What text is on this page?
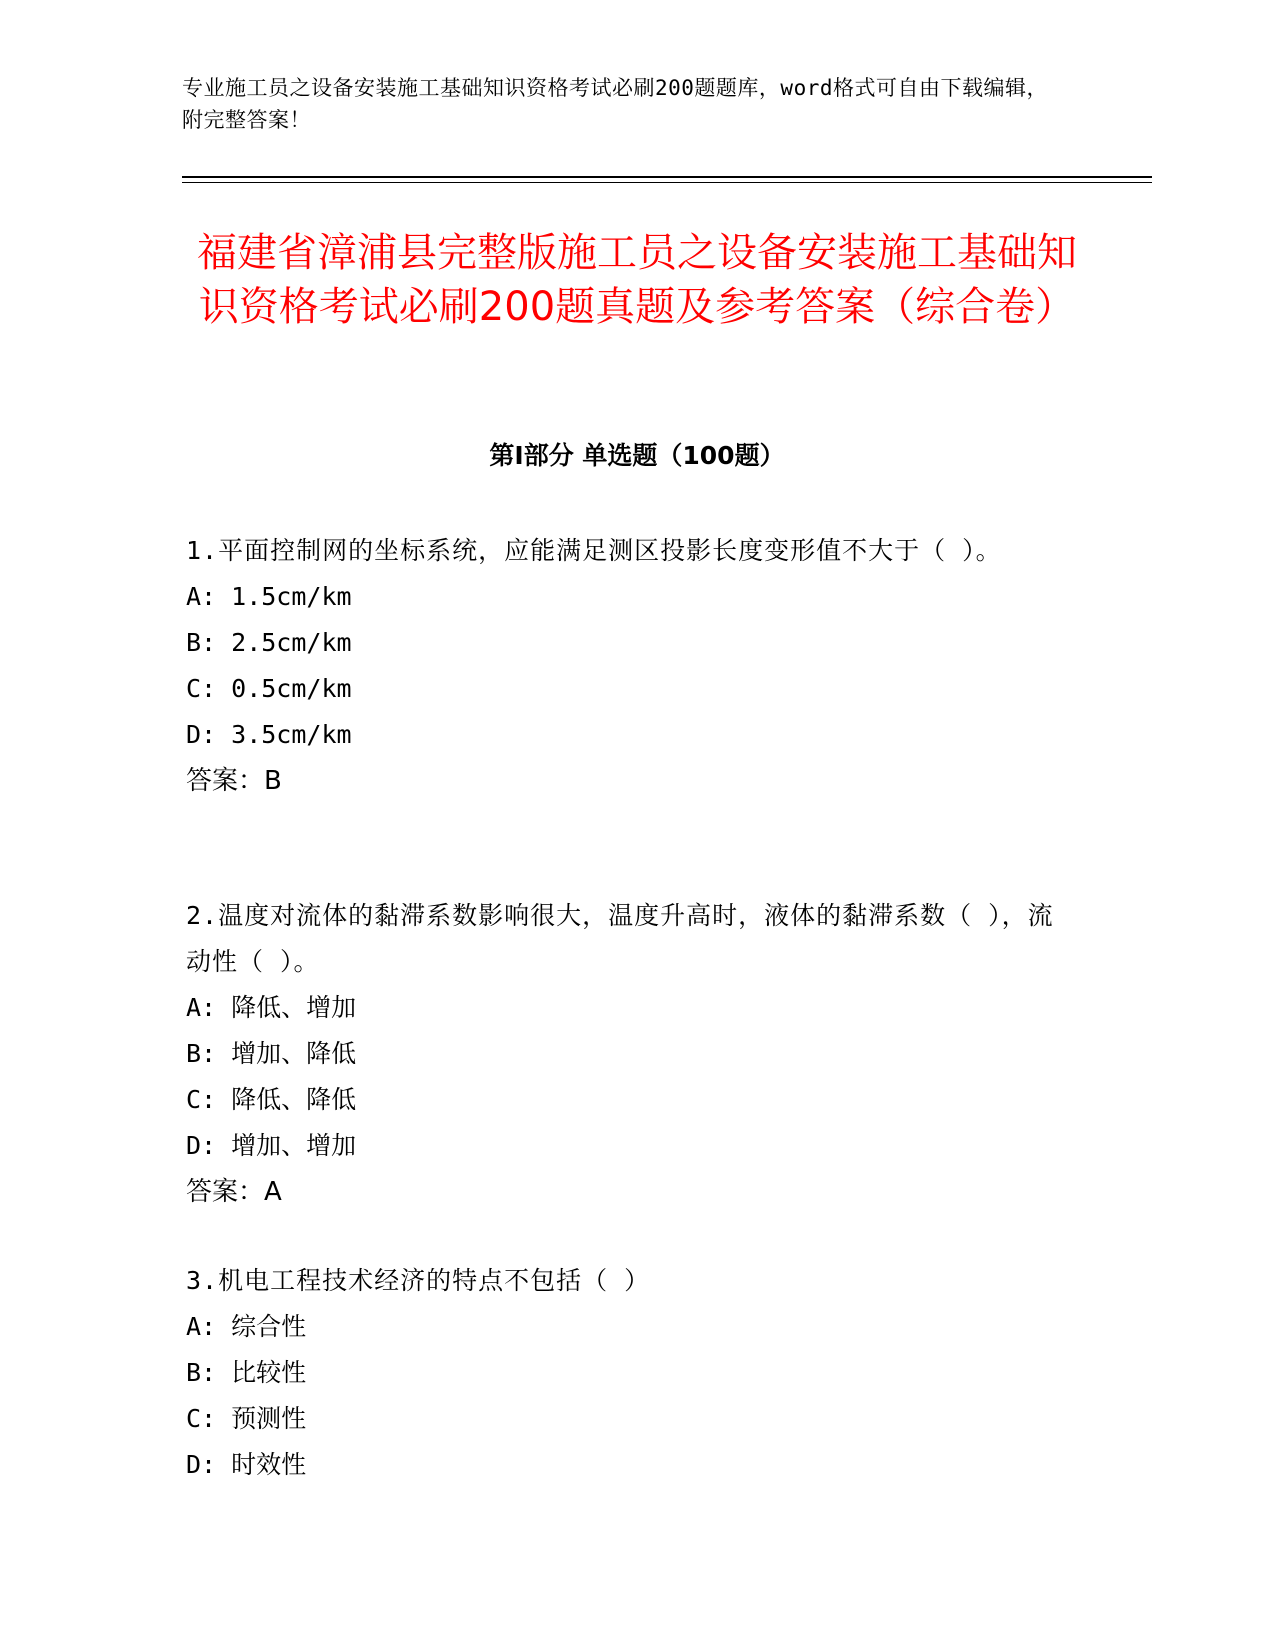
专业施工员之设备安装施工基础知识资格考试必刷200题题库，word格式可自由下载编辑，附完整答案！
福建省漳浦县完整版施工员之设备安装施工基础知识资格考试必刷200题真题及参考答案（综合卷）
第I部分 单选题（100题）

1.平面控制网的坐标系统，应能满足测区投影长度变形值不大于（ ）。

A: 1.5cm/km

B: 2.5cm/km

C: 0.5cm/km

D: 3.5cm/km

答案：B

2.温度对流体的黏滞系数影响很大，温度升高时，液体的黏滞系数（ ），流动性（ ）。

A: 降低、增加

B: 增加、降低

C: 降低、降低

D: 增加、增加

答案：A

3.机电工程技术经济的特点不包括（ ）

A: 综合性

B: 比较性

C: 预测性

D: 时效性
